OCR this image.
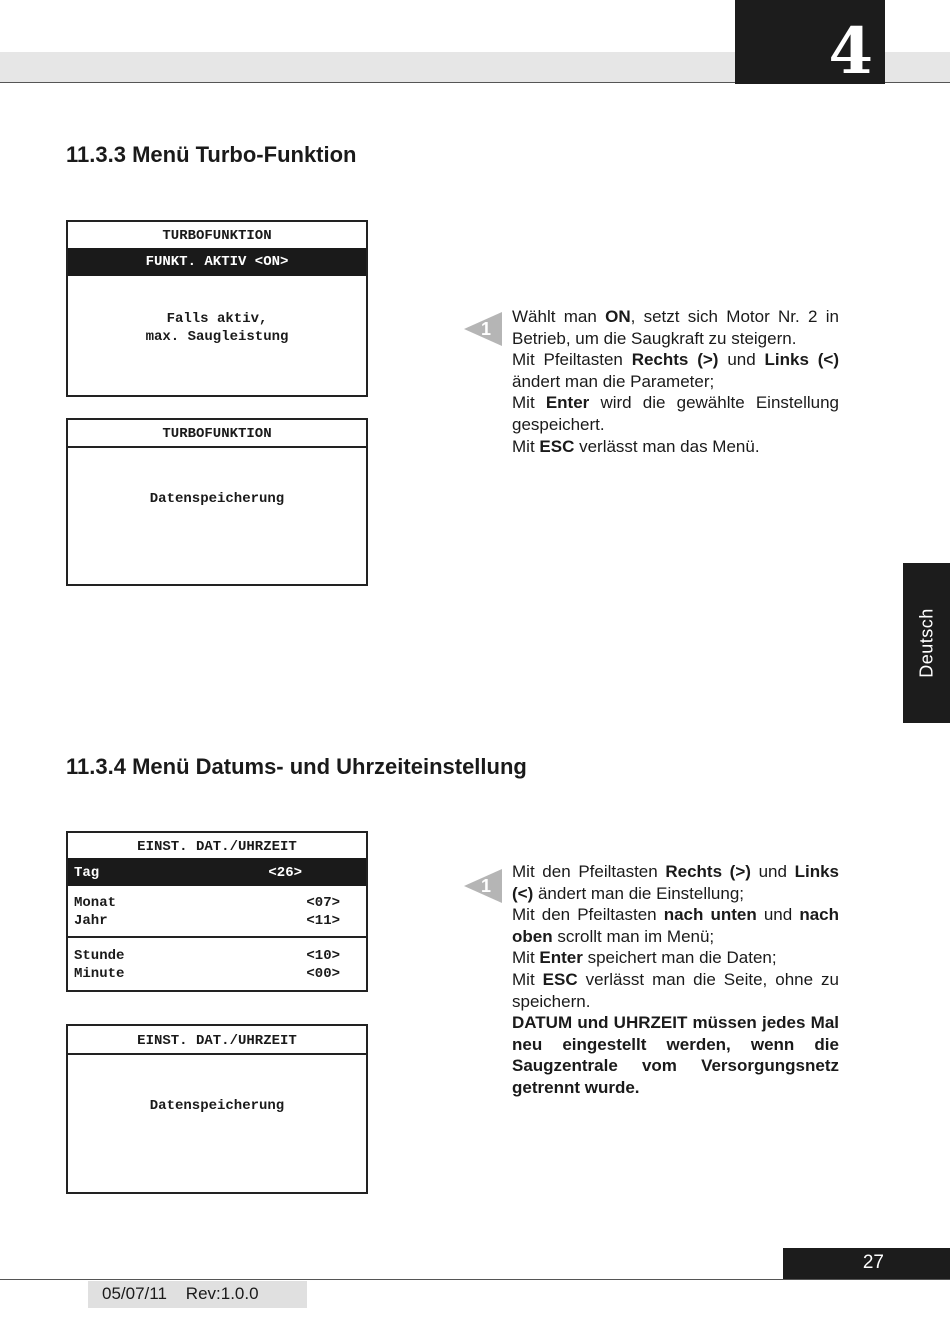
4
11.3.3 Menü Turbo-Funktion
TURBOFUNKTION
FUNKT. AKTIV <ON>
Falls aktiv,
max. Saugleistung
TURBOFUNKTION
Datenspeicherung
1
Wählt man ON, setzt sich Motor Nr. 2 in Betrieb, um die Saugkraft zu steigern.
Mit Pfeiltasten Rechts (>) und Links (<) ändert man die Parameter;
Mit Enter wird die gewählte Einstellung gespeichert.
Mit ESC verlässt man das Menü.
Deutsch
11.3.4 Menü Datums- und Uhrzeiteinstellung
EINST. DAT./UHRZEIT
Tag	<26>
Monat	<07>
Jahr	<11>
Stunde	<10>
Minute	<00>
EINST. DAT./UHRZEIT
Datenspeicherung
1
Mit den Pfeiltasten Rechts (>) und Links (<) ändert man die Einstellung;
Mit den Pfeiltasten nach unten und nach oben scrollt man im Menü;
Mit Enter speichert man die Daten;
Mit ESC verlässt man die Seite, ohne zu speichern.
DATUM und UHRZEIT müssen jedes Mal neu eingestellt werden, wenn die Saugzentrale vom Versorgungsnetz getrennt wurde.
27
05/07/11    Rev:1.0.0
